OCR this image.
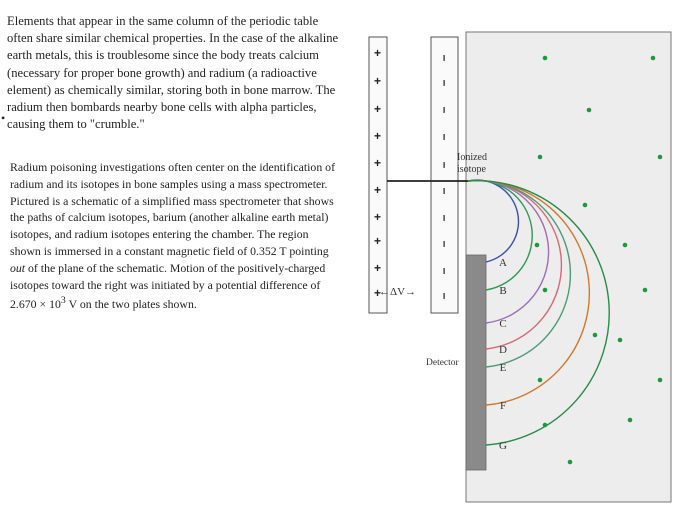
Elements that appear in the same column of the periodic table often share similar chemical properties. In the case of the alkaline earth metals, this is troublesome since the body treats calcium (necessary for proper bone growth) and radium (a radioactive element) as chemically similar, storing both in bone marrow. The radium then bombards nearby bone cells with alpha particles, causing them to "crumble."

•

Radium poisoning investigations often center on the identification of radium and its isotopes in bone samples using a mass spectrometer. Pictured is a schematic of a simplified mass spectrometer that shows the paths of calcium isotopes, barium (another alkaline earth metal) isotopes, and radium isotopes entering the chamber. The region shown is immersed in a constant magnetic field of 0.352 T pointing out of the plane of the schematic. Motion of the positively-charged isotopes toward the right was initiated by a potential difference of $2.670 \times 10^3$ V on the two plates shown.

+
+
+
+
+
+
+
+
+
+
–
–
–
–
–
–
–
–
–
–
A
B
C
D
E
F
G
←ΔV→
Ionized
isotope
Detector
